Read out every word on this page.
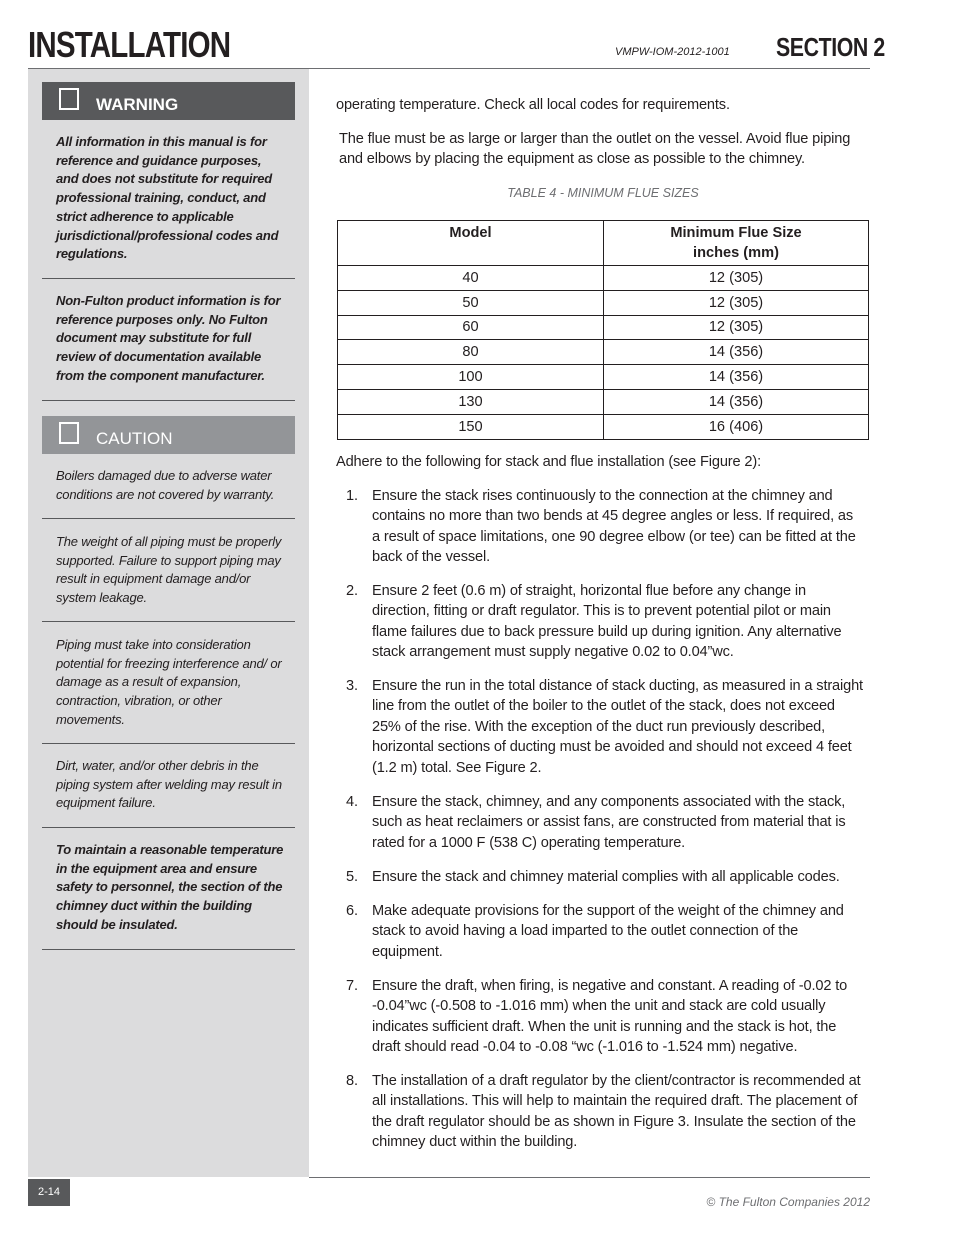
INSTALLATION	VMPW-IOM-2012-1001 SECTION 2
WARNING
All information in this manual is for reference and guidance purposes, and does not substitute for required professional training, conduct, and strict adherence to applicable jurisdictional/professional codes and regulations.
Non-Fulton product information is for reference purposes only. No Fulton document may substitute for full review of documentation available from the component manufacturer.
CAUTION
Boilers damaged due to adverse water conditions are not covered by warranty.
The weight of all piping must be properly supported. Failure to support piping may result in equipment damage and/or system leakage.
Piping must take into consideration potential for freezing interference and/ or damage as a result of expansion, contraction, vibration, or other movements.
Dirt, water, and/or other debris in the piping system after welding may result in equipment failure.
To maintain a reasonable temperature in the equipment area and ensure safety to personnel, the section of the chimney duct within the building should be insulated.
operating temperature. Check all local codes for requirements.
The flue must be as large or larger than the outlet on the vessel. Avoid flue piping and elbows by placing the equipment as close as possible to the chimney.
TABLE 4 - MINIMUM FLUE SIZES
Model	Minimum Flue Size
inches (mm)

40	12 (305)
50	12 (305)
60	12 (305)
80	14 (356)
100	14 (356)
130	14 (356)
150	16 (406)
Adhere to the following for stack and flue installation (see Figure 2):
1. Ensure the stack rises continuously to the connection at the chimney and contains no more than two bends at 45 degree angles or less. If required, as a result of space limitations, one 90 degree elbow (or tee) can be fitted at the back of the vessel.
2. Ensure 2 feet (0.6 m) of straight, horizontal flue before any change in direction, fitting or draft regulator. This is to prevent potential pilot or main flame failures due to back pressure build up during ignition. Any alternative stack arrangement must supply negative 0.02 to 0.04”wc.
3. Ensure the run in the total distance of stack ducting, as measured in a straight line from the outlet of the boiler to the outlet of the stack, does not exceed 25% of the rise. With the exception of the duct run previously described, horizontal sections of ducting must be avoided and should not exceed 4 feet (1.2 m) total. See Figure 2.
4. Ensure the stack, chimney, and any components associated with the stack, such as heat reclaimers or assist fans, are constructed from material that is rated for a 1000 F (538 C) operating temperature.
5. Ensure the stack and chimney material complies with all applicable codes.
6. Make adequate provisions for the support of the weight of the chimney and stack to avoid having a load imparted to the outlet connection of the equipment.
7. Ensure the draft, when firing, is negative and constant. A reading of -0.02 to -0.04”wc (-0.508 to -1.016 mm) when the unit and stack are cold usually indicates sufficient draft. When the unit is running and the stack is hot, the draft should read -0.04 to -0.08 “wc (-1.016 to -1.524 mm) negative.
8. The installation of a draft regulator by the client/contractor is recommended at all installations. This will help to maintain the required draft. The placement of the draft regulator should be as shown in Figure 3. Insulate the section of the chimney duct within the building.
2-14
© The Fulton Companies 2012
